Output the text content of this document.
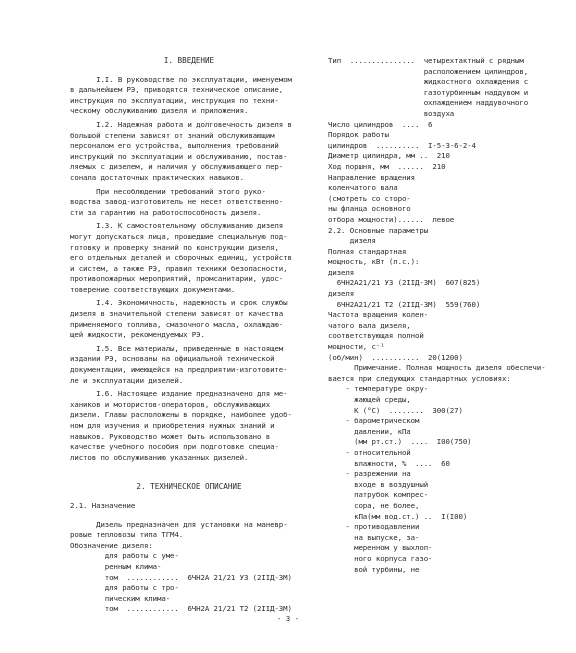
I. ВВЕДЕНИЕ

I.I. В руководстве по эксплуатации, именуемом

в дальнейшем РЭ, приводятся техническое описание,

инструкция по эксплуатации, инструкция по техни-

ческому обслуживанию дизеля и приложения.

I.2. Надежная работа и долговечность дизеля в

большой степени зависят от знаний обслуживающим

персоналом его устройства, выполнения требований

инструкций по эксплуатации и обслуживанию, постав-

ляемых с дизелем, и наличия у обслуживающего пер-

сонала достаточных практических навыков.

При несоблюдении требований этого руко-

водства завод-изготовитель не несет ответственно-

сти за гарантию на работоспособность дизеля.

I.3. К самостоятельному обслуживанию дизеля

могут допускаться лица, прошедшие специальную под-

готовку и проверку знаний по конструкции дизеля,

его отдельных деталей и сборочных единиц, устройств

и систем, а также РЭ, правил техники безопасности,

противопожарных мероприятий, промсанитарии, удос-

товерение соответствующих документами.

I.4. Экономичность, надежность и срок службы

дизеля в значительной степени зависят от качества

применяемого топлива, смазочного масла, охлаждаю-

щей жидкости, рекомендуемых РЭ.

I.5. Все материалы, приведенные в настоящем

издании РЭ, основаны на официальной технической

документации, имеющейся на предприятии-изготовите-

ле и эксплуатации дизелей.

I.6. Настоящее издание предназначено для ме-

хаников и мотористов-операторов, обслуживающих

дизели. Главы расположены в порядке, наиболее удоб-

ном для изучения и приобретения нужных знаний и

навыков. Руководство может быть использовано в

качестве учебного пособия при подготовке специа-

листов по обслуживанию указанных дизелей.

2. ТЕХНИЧЕСКОЕ ОПИСАНИЕ

2.1. Назначение

Дизель предназначен для установки на маневр-

ровые тепловозы типа ТГМ4.

Обозначение дизеля:

для работы с уме-

ренным клима-

том  ............  6ЧН2А 21/21 УЗ (2IIД-3М)

для работы с тро-

пическим клима-

том  ............  6ЧН2А 21/21 Т2 (2IIД-3М)

Тип  ...............  четырехтактный с рядным

расположением цилиндров,

жидкостного охлаждения с

газотурбинным наддувом и

охлаждением наддувочного

воздуха

Число цилиндров  ....  6

Порядок работы

цилиндров  ..........  I-5-3-6-2-4

Диаметр цилиндра, мм ..  210

Ход поршня, мм  ......  210

Направление вращения

коленчатого вала

(смотреть со сторо-

ны фланца основного

отбора мощности)......  левое

2.2. Основные параметры

дизеля

Полная стандартная

мощность, кВт (л.с.):

дизеля

6ЧН2А21/21 УЗ (2IIД-3М)  607(825)

дизеля

6ЧН2А21/21 Т2 (2IIД-3М)  559(760)

Частота вращения колен-

чатого вала дизеля,

соответствующая полной

мощности, с⁻¹

(об/мин)  ...........  20(1200)

Примечание. Полная мощность дизеля обеспечи-

вается при следующих стандартных условиях:

- температуре окру-

жающей среды,

К (°С)  ........  300(27)

- барометрическом

давлении, кПа

(мм рт.ст.)  ....  I00(750)

- относительной

влажности, %  ....  60

- разрежении на

входе в воздушный

патрубок компрес-

сора, не более,

кПа(мм вод.ст.) ..  I(I00)

- противодавлении

на выпуске, за-

меренном у выхлоп-

ного корпуса газо-

вой турбины, не

- 3 -
